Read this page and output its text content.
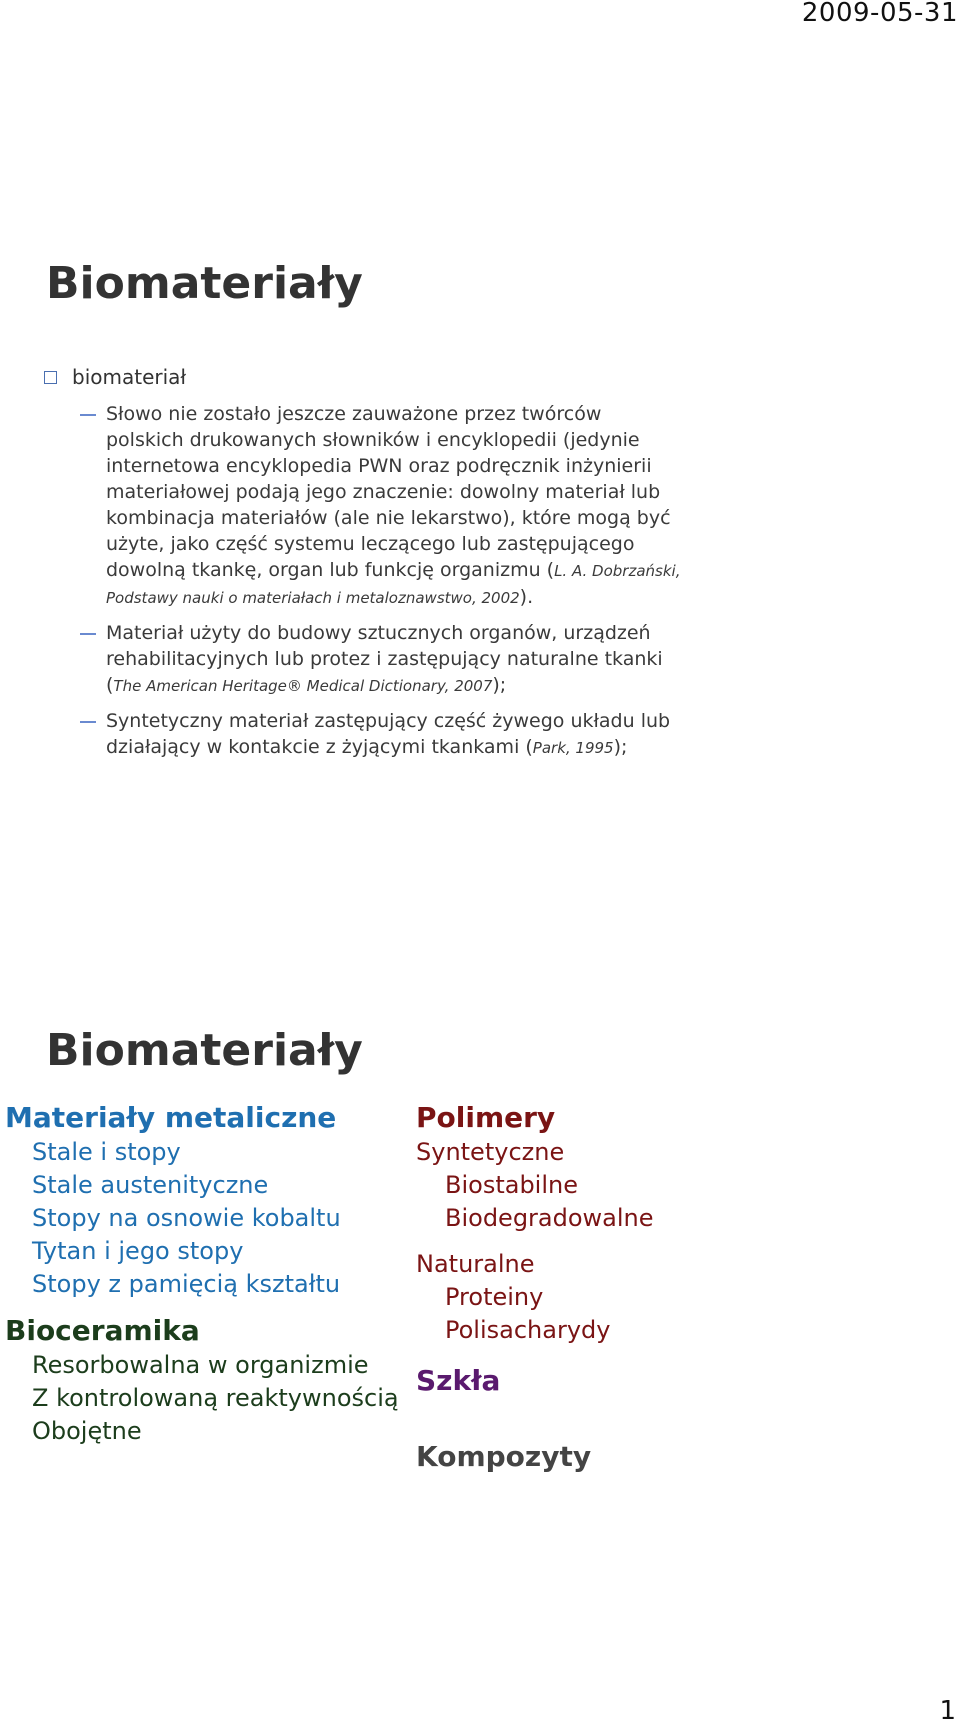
2009-05-31
Biomateriały
biomateriał
Słowo nie zostało jeszcze zauważone przez twórców polskich drukowanych słowników i encyklopedii (jedynie internetowa encyklopedia PWN oraz podręcznik inżynierii materiałowej podają jego znaczenie: dowolny materiał lub kombinacja materiałów (ale nie lekarstwo), które mogą być użyte, jako część systemu leczącego lub zastępującego dowolną tkankę, organ lub funkcję organizmu (L. A. Dobrzański, Podstawy nauki o materiałach i metaloznawstwo, 2002).
Materiał użyty do budowy sztucznych organów, urządzeń rehabilitacyjnych lub protez i zastępujący naturalne tkanki (The American Heritage® Medical Dictionary, 2007);
Syntetyczny materiał zastępujący część żywego układu lub działający w kontakcie z żyjącymi tkankami (Park, 1995);
Biomateriały
Materiały metaliczne
Stale i stopy
Stale austenityczne
Stopy na osnowie kobaltu
Tytan i jego stopy
Stopy z pamięcią kształtu
Bioceramika
Resorbowalna w organizmie
Z kontrolowaną reaktywnością
Obojętne
Polimery
Syntetyczne
Biostabilne
Biodegradowalne
Naturalne
Proteiny
Polisacharydy
Szkła
Kompozyty
1
